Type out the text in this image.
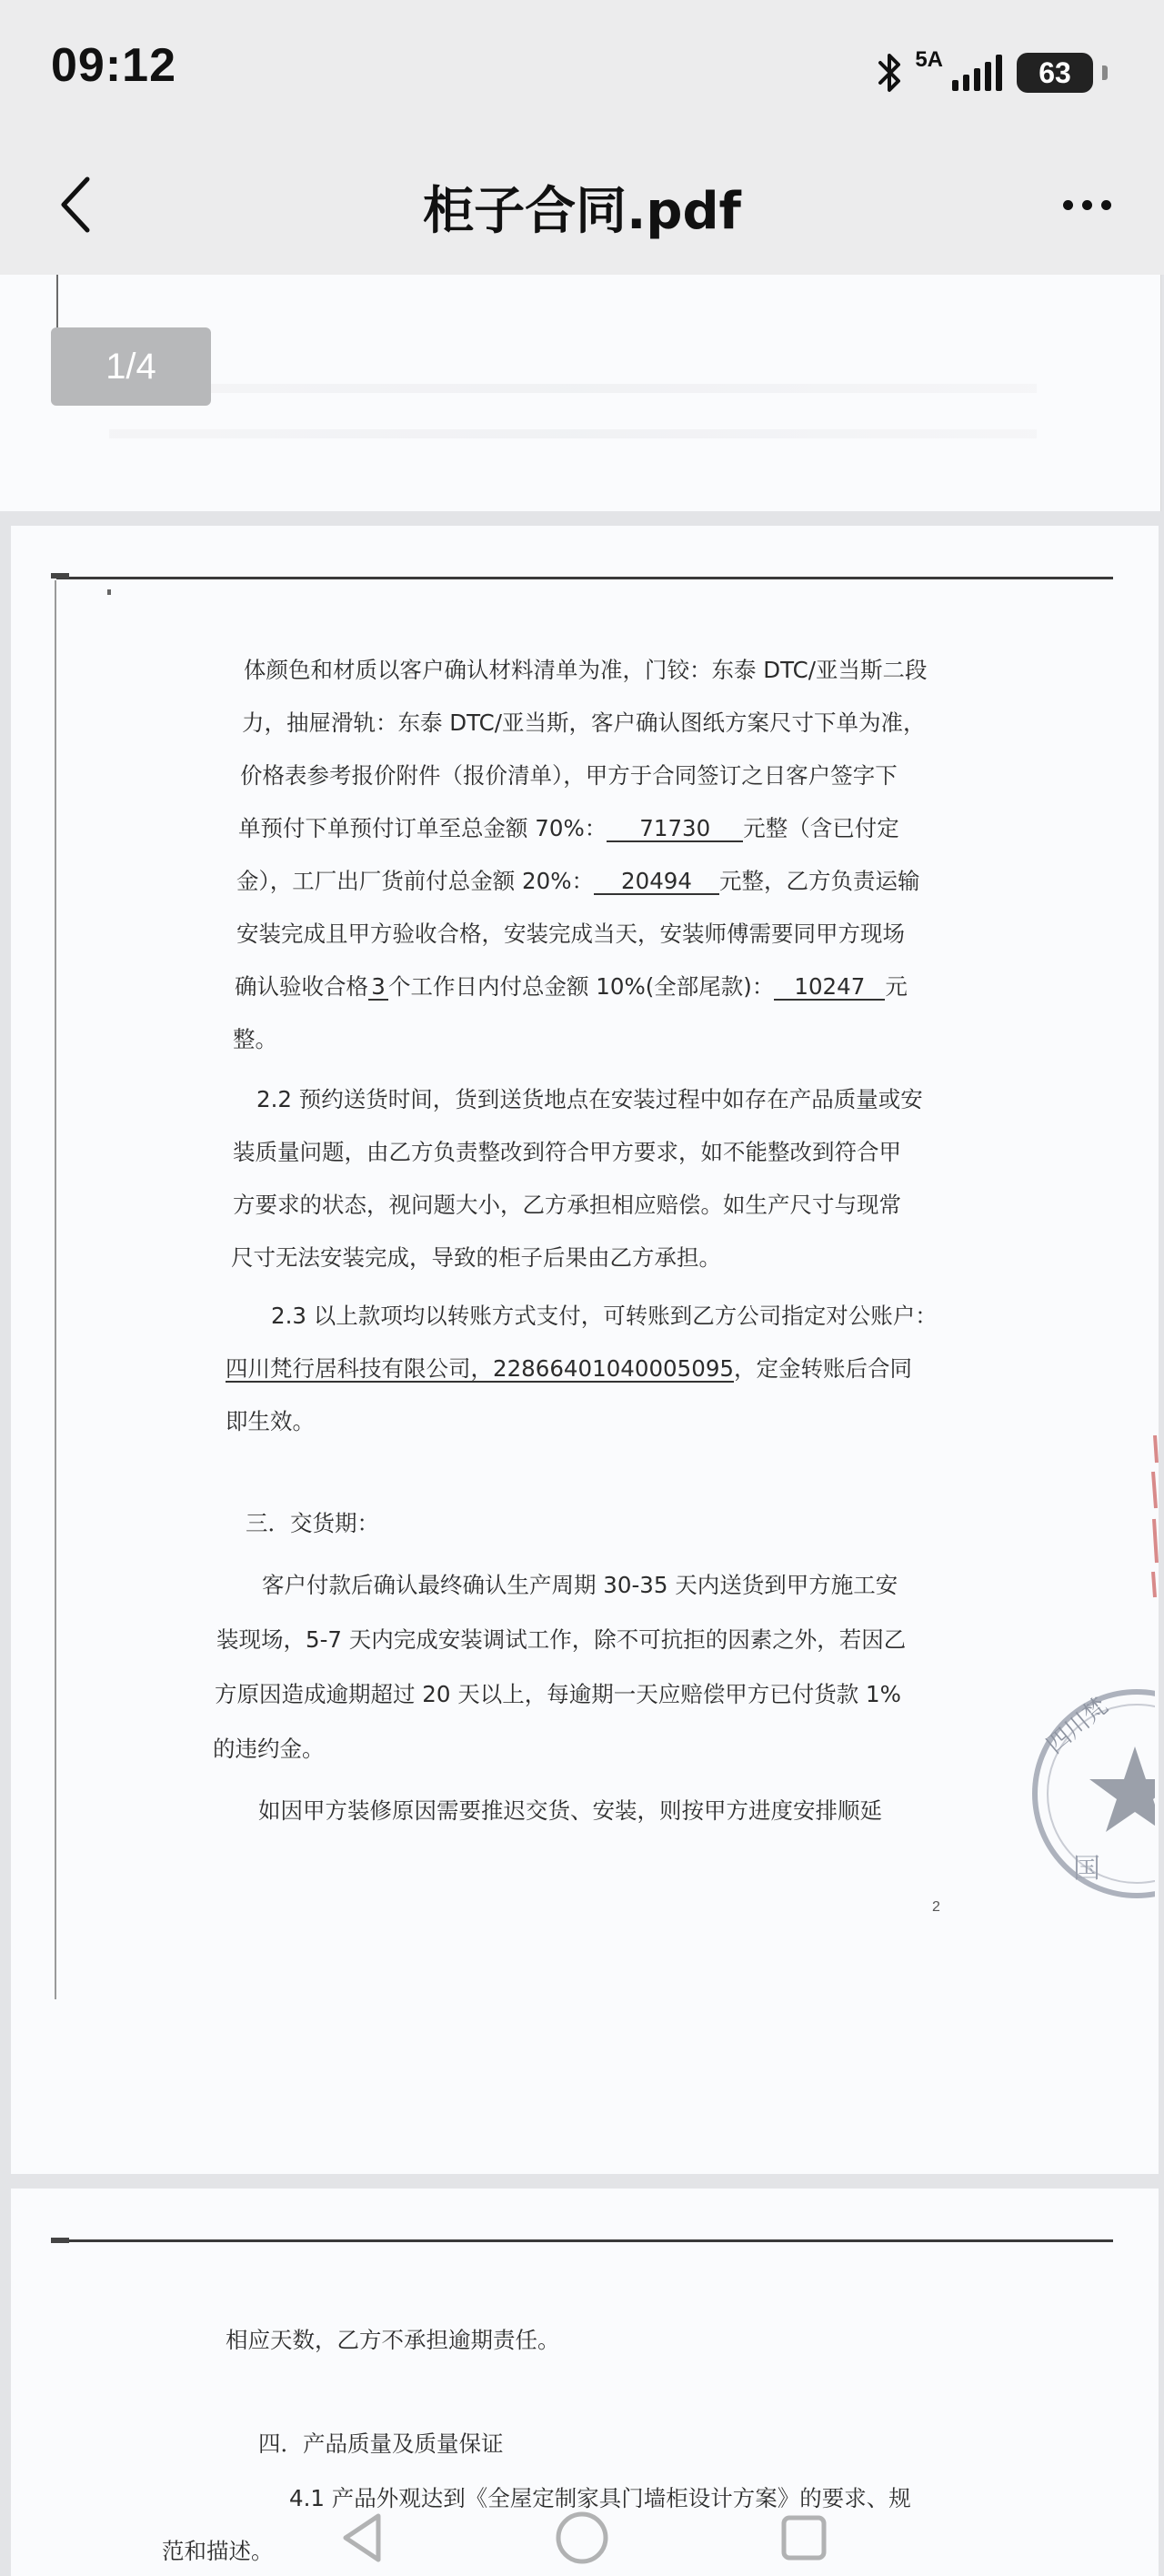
09:12	5A	63
柜子合同.pdf
1/4
体颜色和材质以客户确认材料清单为准，门铰：东泰 DTC/亚当斯二段
力，抽屉滑轨：东泰 DTC/亚当斯，客户确认图纸方案尺寸下单为准，
价格表参考报价附件（报价清单），甲方于合同签订之日客户签字下
单预付下单预付订单至总金额 70%： 71730 元整（含已付定
金），工厂出厂货前付总金额 20%： 20494 元整，乙方负责运输
安装完成且甲方验收合格，安装完成当天，安装师傅需要同甲方现场
确认验收合格 3 个工作日内付总金额 10%(全部尾款)： 10247 元
整。
2.2 预约送货时间，货到送货地点在安装过程中如存在产品质量或安
装质量问题，由乙方负责整改到符合甲方要求，如不能整改到符合甲
方要求的状态，视问题大小，乙方承担相应赔偿。如生产尺寸与现常
尺寸无法安装完成，导致的柜子后果由乙方承担。
2.3 以上款项均以转账方式支付，可转账到乙方公司指定对公账户：
四川梵行居科技有限公司，22866401040005095，定金转账后合同
即生效。
三．交货期：
客户付款后确认最终确认生产周期 30-35 天内送货到甲方施工安
装现场，5-7 天内完成安装调试工作，除不可抗拒的因素之外，若因乙
方原因造成逾期超过 20 天以上，每逾期一天应赔偿甲方已付货款 1%
的违约金。
如因甲方装修原因需要推迟交货、安装，则按甲方进度安排顺延
2
四川梵
国
相应天数，乙方不承担逾期责任。
四．产品质量及质量保证
4.1 产品外观达到《全屋定制家具门墙柜设计方案》的要求、规
范和描述。
